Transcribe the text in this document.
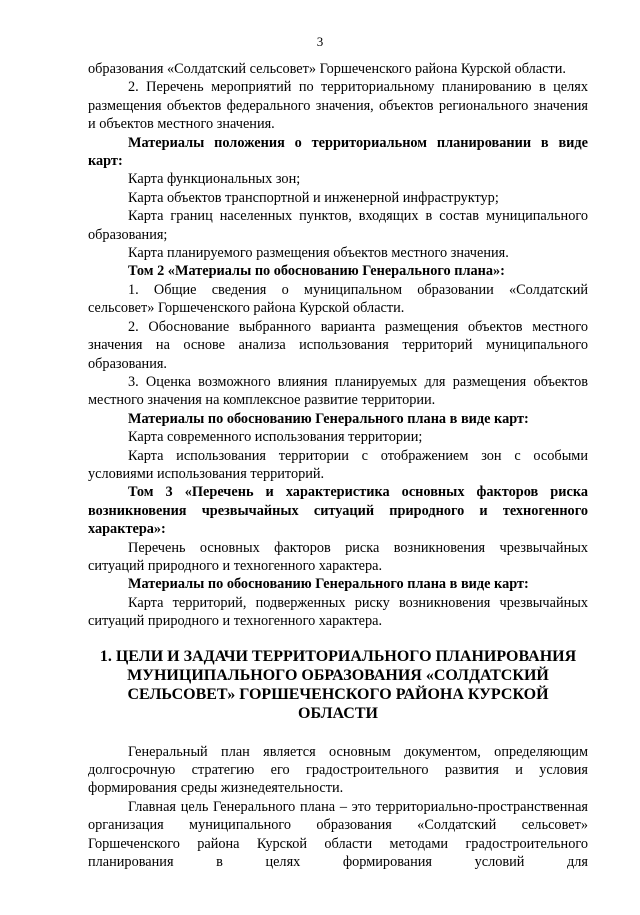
3

образования «Солдатский сельсовет» Горшеченского района Курской области.

2. Перечень мероприятий по территориальному планированию в целях размещения объектов федерального значения, объектов регионального значения и объектов местного значения.

Материалы положения о территориальном планировании в виде карт:

Карта функциональных зон;

Карта объектов транспортной и инженерной инфраструктур;

Карта границ населенных пунктов, входящих в состав муниципального образования;

Карта планируемого размещения объектов местного значения.

Том 2 «Материалы по обоснованию Генерального плана»:

1. Общие сведения о муниципальном образовании «Солдатский сельсовет» Горшеченского района Курской области.

2. Обоснование выбранного варианта размещения объектов местного значения на основе анализа использования территорий муниципального образования.

3. Оценка возможного влияния планируемых для размещения объектов местного значения на комплексное развитие территории.

Материалы по обоснованию Генерального плана в виде карт:

Карта современного использования территории;

Карта использования территории с отображением зон с особыми условиями использования территорий.

Том 3 «Перечень и характеристика основных факторов риска возникновения чрезвычайных ситуаций природного и техногенного характера»:

Перечень основных факторов риска возникновения чрезвычайных ситуаций природного и техногенного характера.

Материалы по обоснованию Генерального плана в виде карт:

Карта территорий, подверженных риску возникновения чрезвычайных ситуаций природного и техногенного характера.

1. ЦЕЛИ И ЗАДАЧИ ТЕРРИТОРИАЛЬНОГО ПЛАНИРОВАНИЯ МУНИЦИПАЛЬНОГО ОБРАЗОВАНИЯ «СОЛДАТСКИЙ СЕЛЬСОВЕТ» ГОРШЕЧЕНСКОГО РАЙОНА КУРСКОЙ ОБЛАСТИ

Генеральный план является основным документом, определяющим долгосрочную стратегию его градостроительного развития и условия формирования среды жизнедеятельности.

Главная цель Генерального плана – это территориально-пространственная организация муниципального образования «Солдатский сельсовет» Горшеченского района Курской области методами градостроительного планирования в целях формирования условий для
